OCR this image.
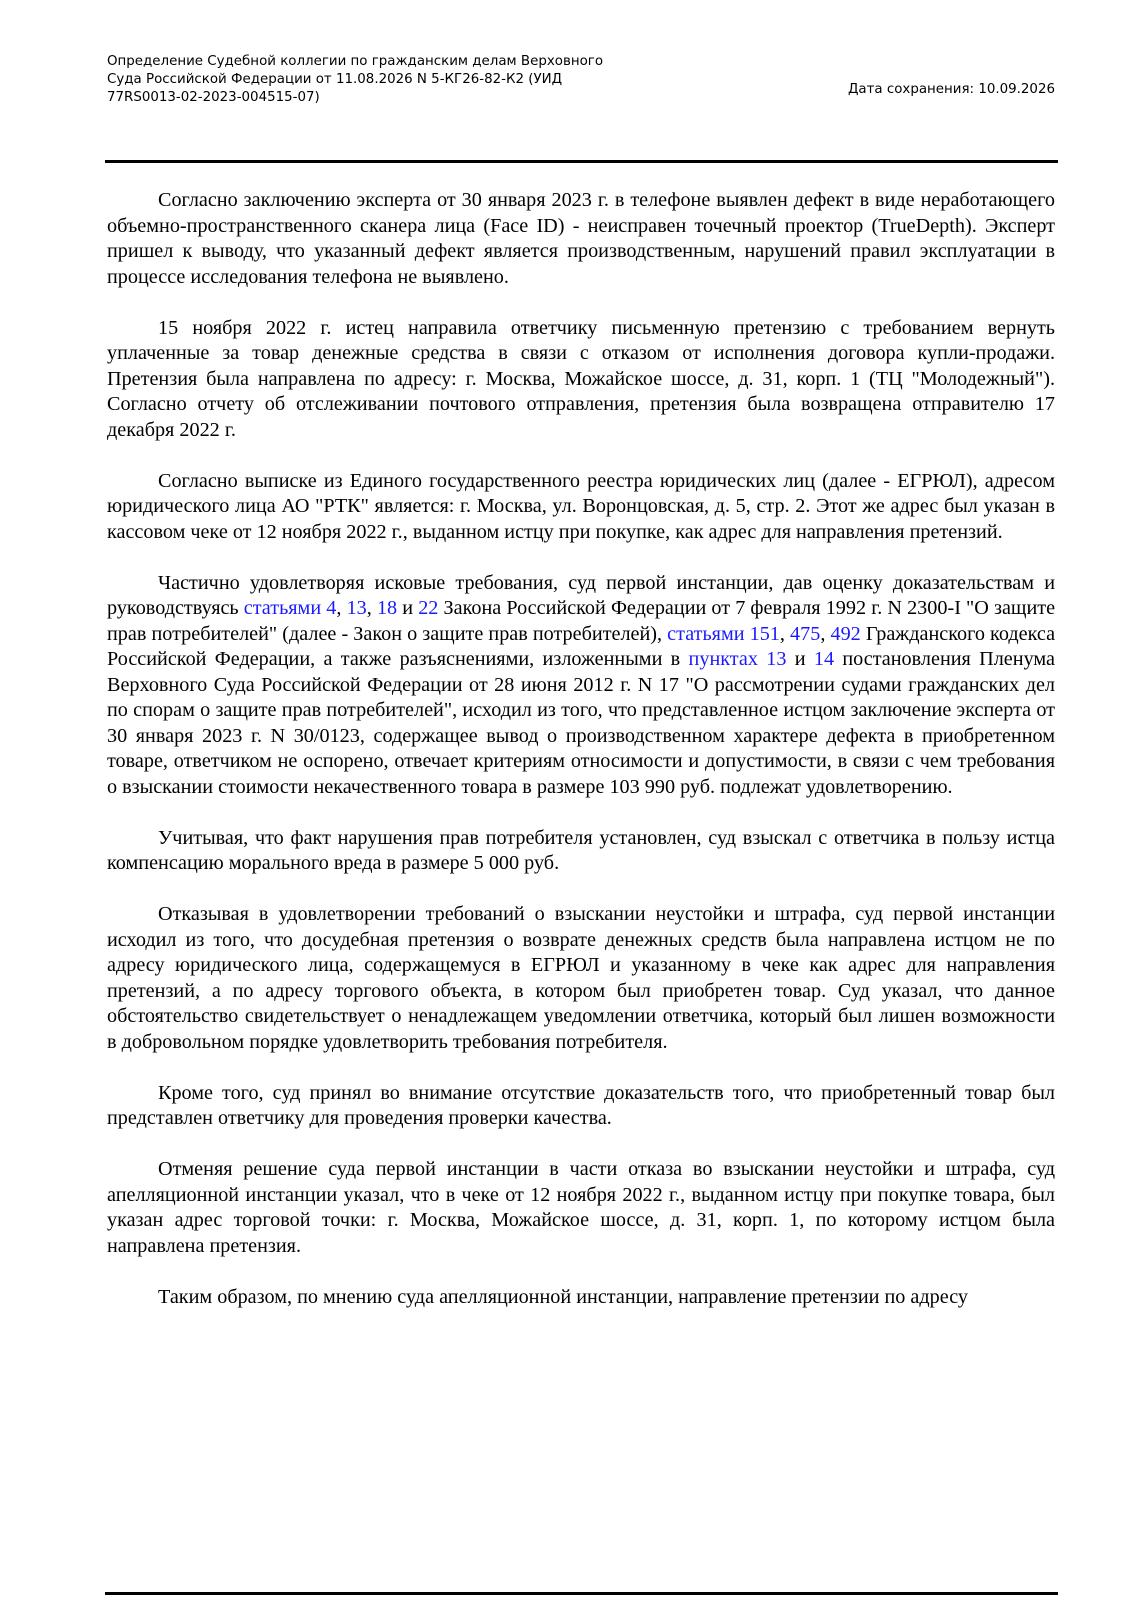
Определение Судебной коллегии по гражданским делам Верховного
Суда Российской Федерации от 11.08.2026 N 5-КГ26-82-К2 (УИД
77RS0013-02-2023-004515-07)
Дата сохранения: 10.09.2026

Согласно заключению эксперта от 30 января 2023 г. в телефоне выявлен дефект в виде неработающего объемно-пространственного сканера лица (Face ID) - неисправен точечный проектор (TrueDepth). Эксперт пришел к выводу, что указанный дефект является производственным, нарушений правил эксплуатации в процессе исследования телефона не выявлено.

15 ноября 2022 г. истец направила ответчику письменную претензию с требованием вернуть уплаченные за товар денежные средства в связи с отказом от исполнения договора купли-продажи. Претензия была направлена по адресу: г. Москва, Можайское шоссе, д. 31, корп. 1 (ТЦ "Молодежный"). Согласно отчету об отслеживании почтового отправления, претензия была возвращена отправителю 17 декабря 2022 г.

Согласно выписке из Единого государственного реестра юридических лиц (далее - ЕГРЮЛ), адресом юридического лица АО "РТК" является: г. Москва, ул. Воронцовская, д. 5, стр. 2. Этот же адрес был указан в кассовом чеке от 12 ноября 2022 г., выданном истцу при покупке, как адрес для направления претензий.

Частично удовлетворяя исковые требования, суд первой инстанции, дав оценку доказательствам и руководствуясь статьями 4, 13, 18 и 22 Закона Российской Федерации от 7 февраля 1992 г. N 2300-I "О защите прав потребителей" (далее - Закон о защите прав потребителей), статьями 151, 475, 492 Гражданского кодекса Российской Федерации, а также разъяснениями, изложенными в пунктах 13 и 14 постановления Пленума Верховного Суда Российской Федерации от 28 июня 2012 г. N 17 "О рассмотрении судами гражданских дел по спорам о защите прав потребителей", исходил из того, что представленное истцом заключение эксперта от 30 января 2023 г. N 30/0123, содержащее вывод о производственном характере дефекта в приобретенном товаре, ответчиком не оспорено, отвечает критериям относимости и допустимости, в связи с чем требования о взыскании стоимости некачественного товара в размере 103 990 руб. подлежат удовлетворению.

Учитывая, что факт нарушения прав потребителя установлен, суд взыскал с ответчика в пользу истца компенсацию морального вреда в размере 5 000 руб.

Отказывая в удовлетворении требований о взыскании неустойки и штрафа, суд первой инстанции исходил из того, что досудебная претензия о возврате денежных средств была направлена истцом не по адресу юридического лица, содержащемуся в ЕГРЮЛ и указанному в чеке как адрес для направления претензий, а по адресу торгового объекта, в котором был приобретен товар. Суд указал, что данное обстоятельство свидетельствует о ненадлежащем уведомлении ответчика, который был лишен возможности в добровольном порядке удовлетворить требования потребителя.

Кроме того, суд принял во внимание отсутствие доказательств того, что приобретенный товар был представлен ответчику для проведения проверки качества.

Отменяя решение суда первой инстанции в части отказа во взыскании неустойки и штрафа, суд апелляционной инстанции указал, что в чеке от 12 ноября 2022 г., выданном истцу при покупке товара, был указан адрес торговой точки: г. Москва, Можайское шоссе, д. 31, корп. 1, по которому истцом была направлена претензия.

Таким образом, по мнению суда апелляционной инстанции, направление претензии по адресу
